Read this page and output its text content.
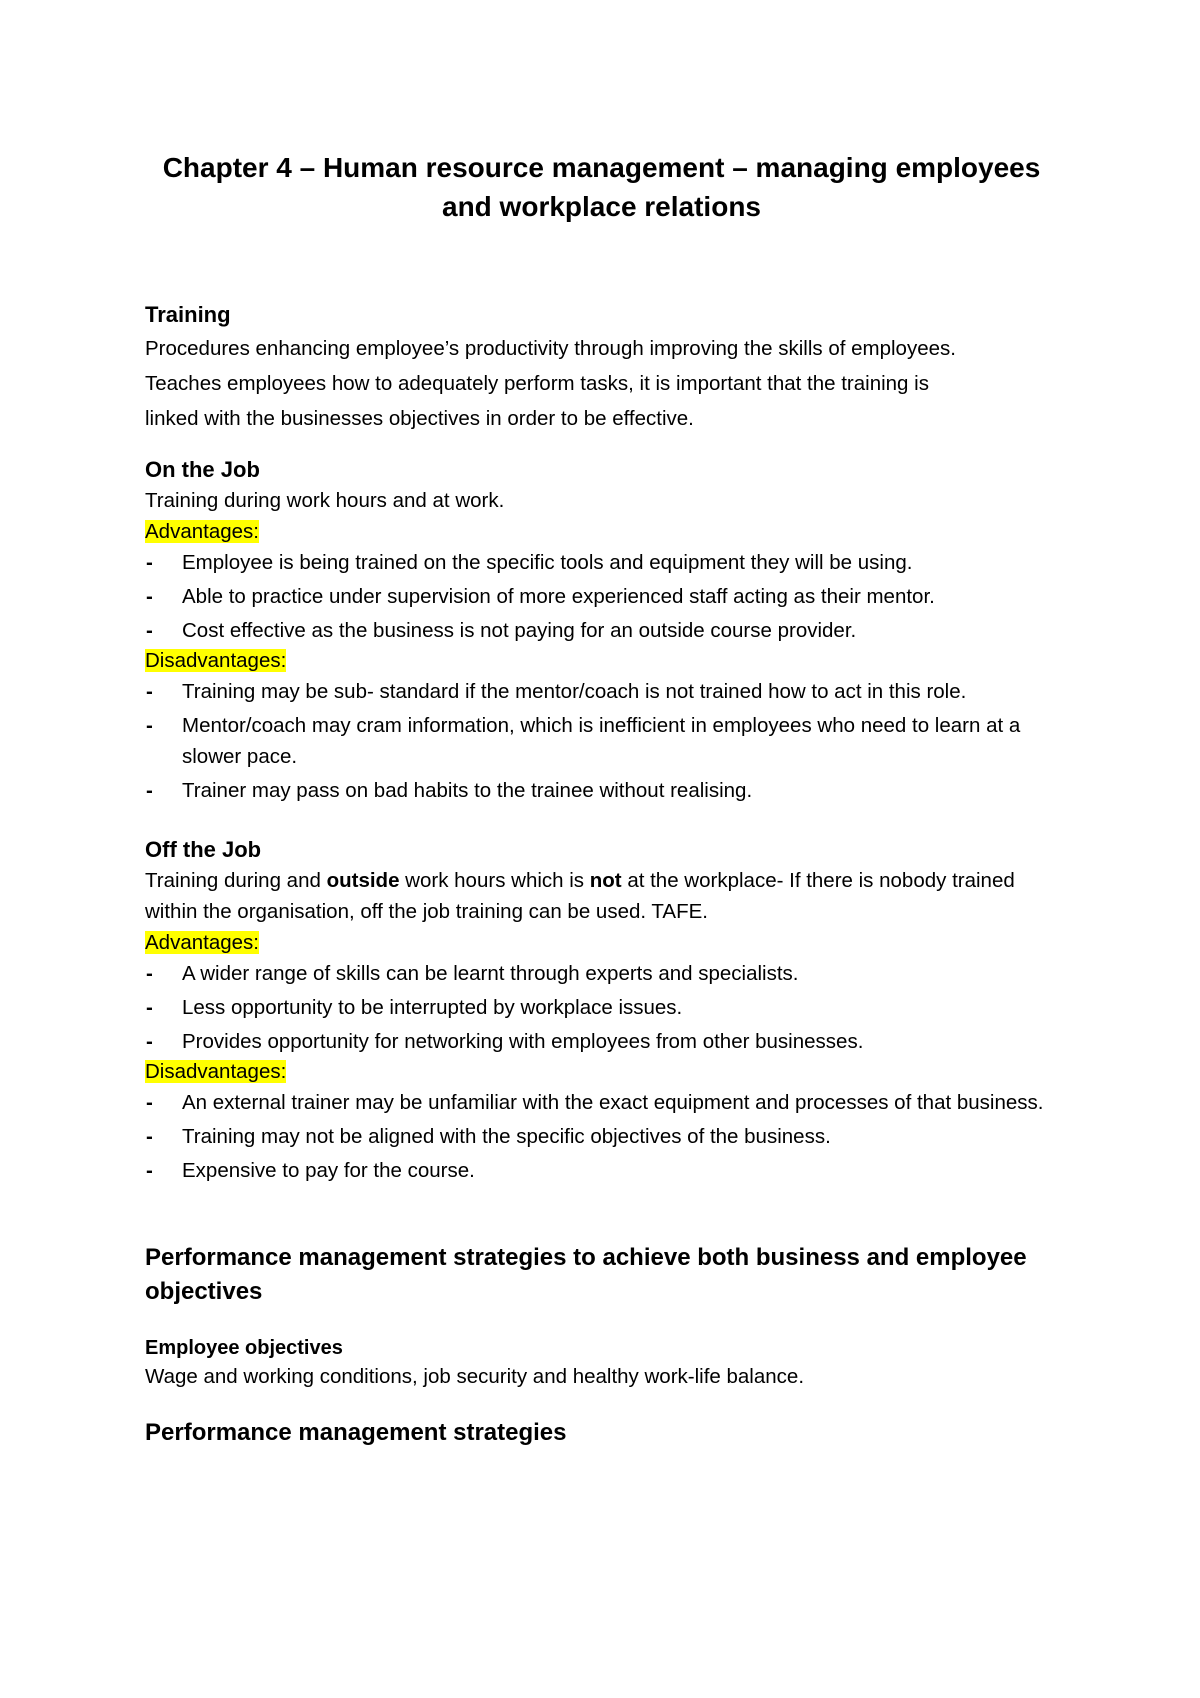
Chapter 4 – Human resource management – managing employees
and workplace relations
Training

Procedures enhancing employee’s productivity through improving the skills of employees.

Teaches employees how to adequately perform tasks, it is important that the training is

linked with the businesses objectives in order to be effective.

On the Job

Training during work hours and at work.

Advantages:

- Employee is being trained on the specific tools and equipment they will be using.
- Able to practice under supervision of more experienced staff acting as their mentor.
- Cost effective as the business is not paying for an outside course provider.

Disadvantages:

- Training may be sub- standard if the mentor/coach is not trained how to act in this role.
- Mentor/coach may cram information, which is inefficient in employees who need to learn at a slower pace.
- Trainer may pass on bad habits to the trainee without realising.
Off the Job

Training during and outside work hours which is not at the workplace- If there is nobody trained within the organisation, off the job training can be used. TAFE.

Advantages:

- A wider range of skills can be learnt through experts and specialists.
- Less opportunity to be interrupted by workplace issues.
- Provides opportunity for networking with employees from other businesses.

Disadvantages:

- An external trainer may be unfamiliar with the exact equipment and processes of that business.
- Training may not be aligned with the specific objectives of the business.
- Expensive to pay for the course.
Performance management strategies to achieve both business and employee objectives
Employee objectives

Wage and working conditions, job security and healthy work-life balance.

Performance management strategies
